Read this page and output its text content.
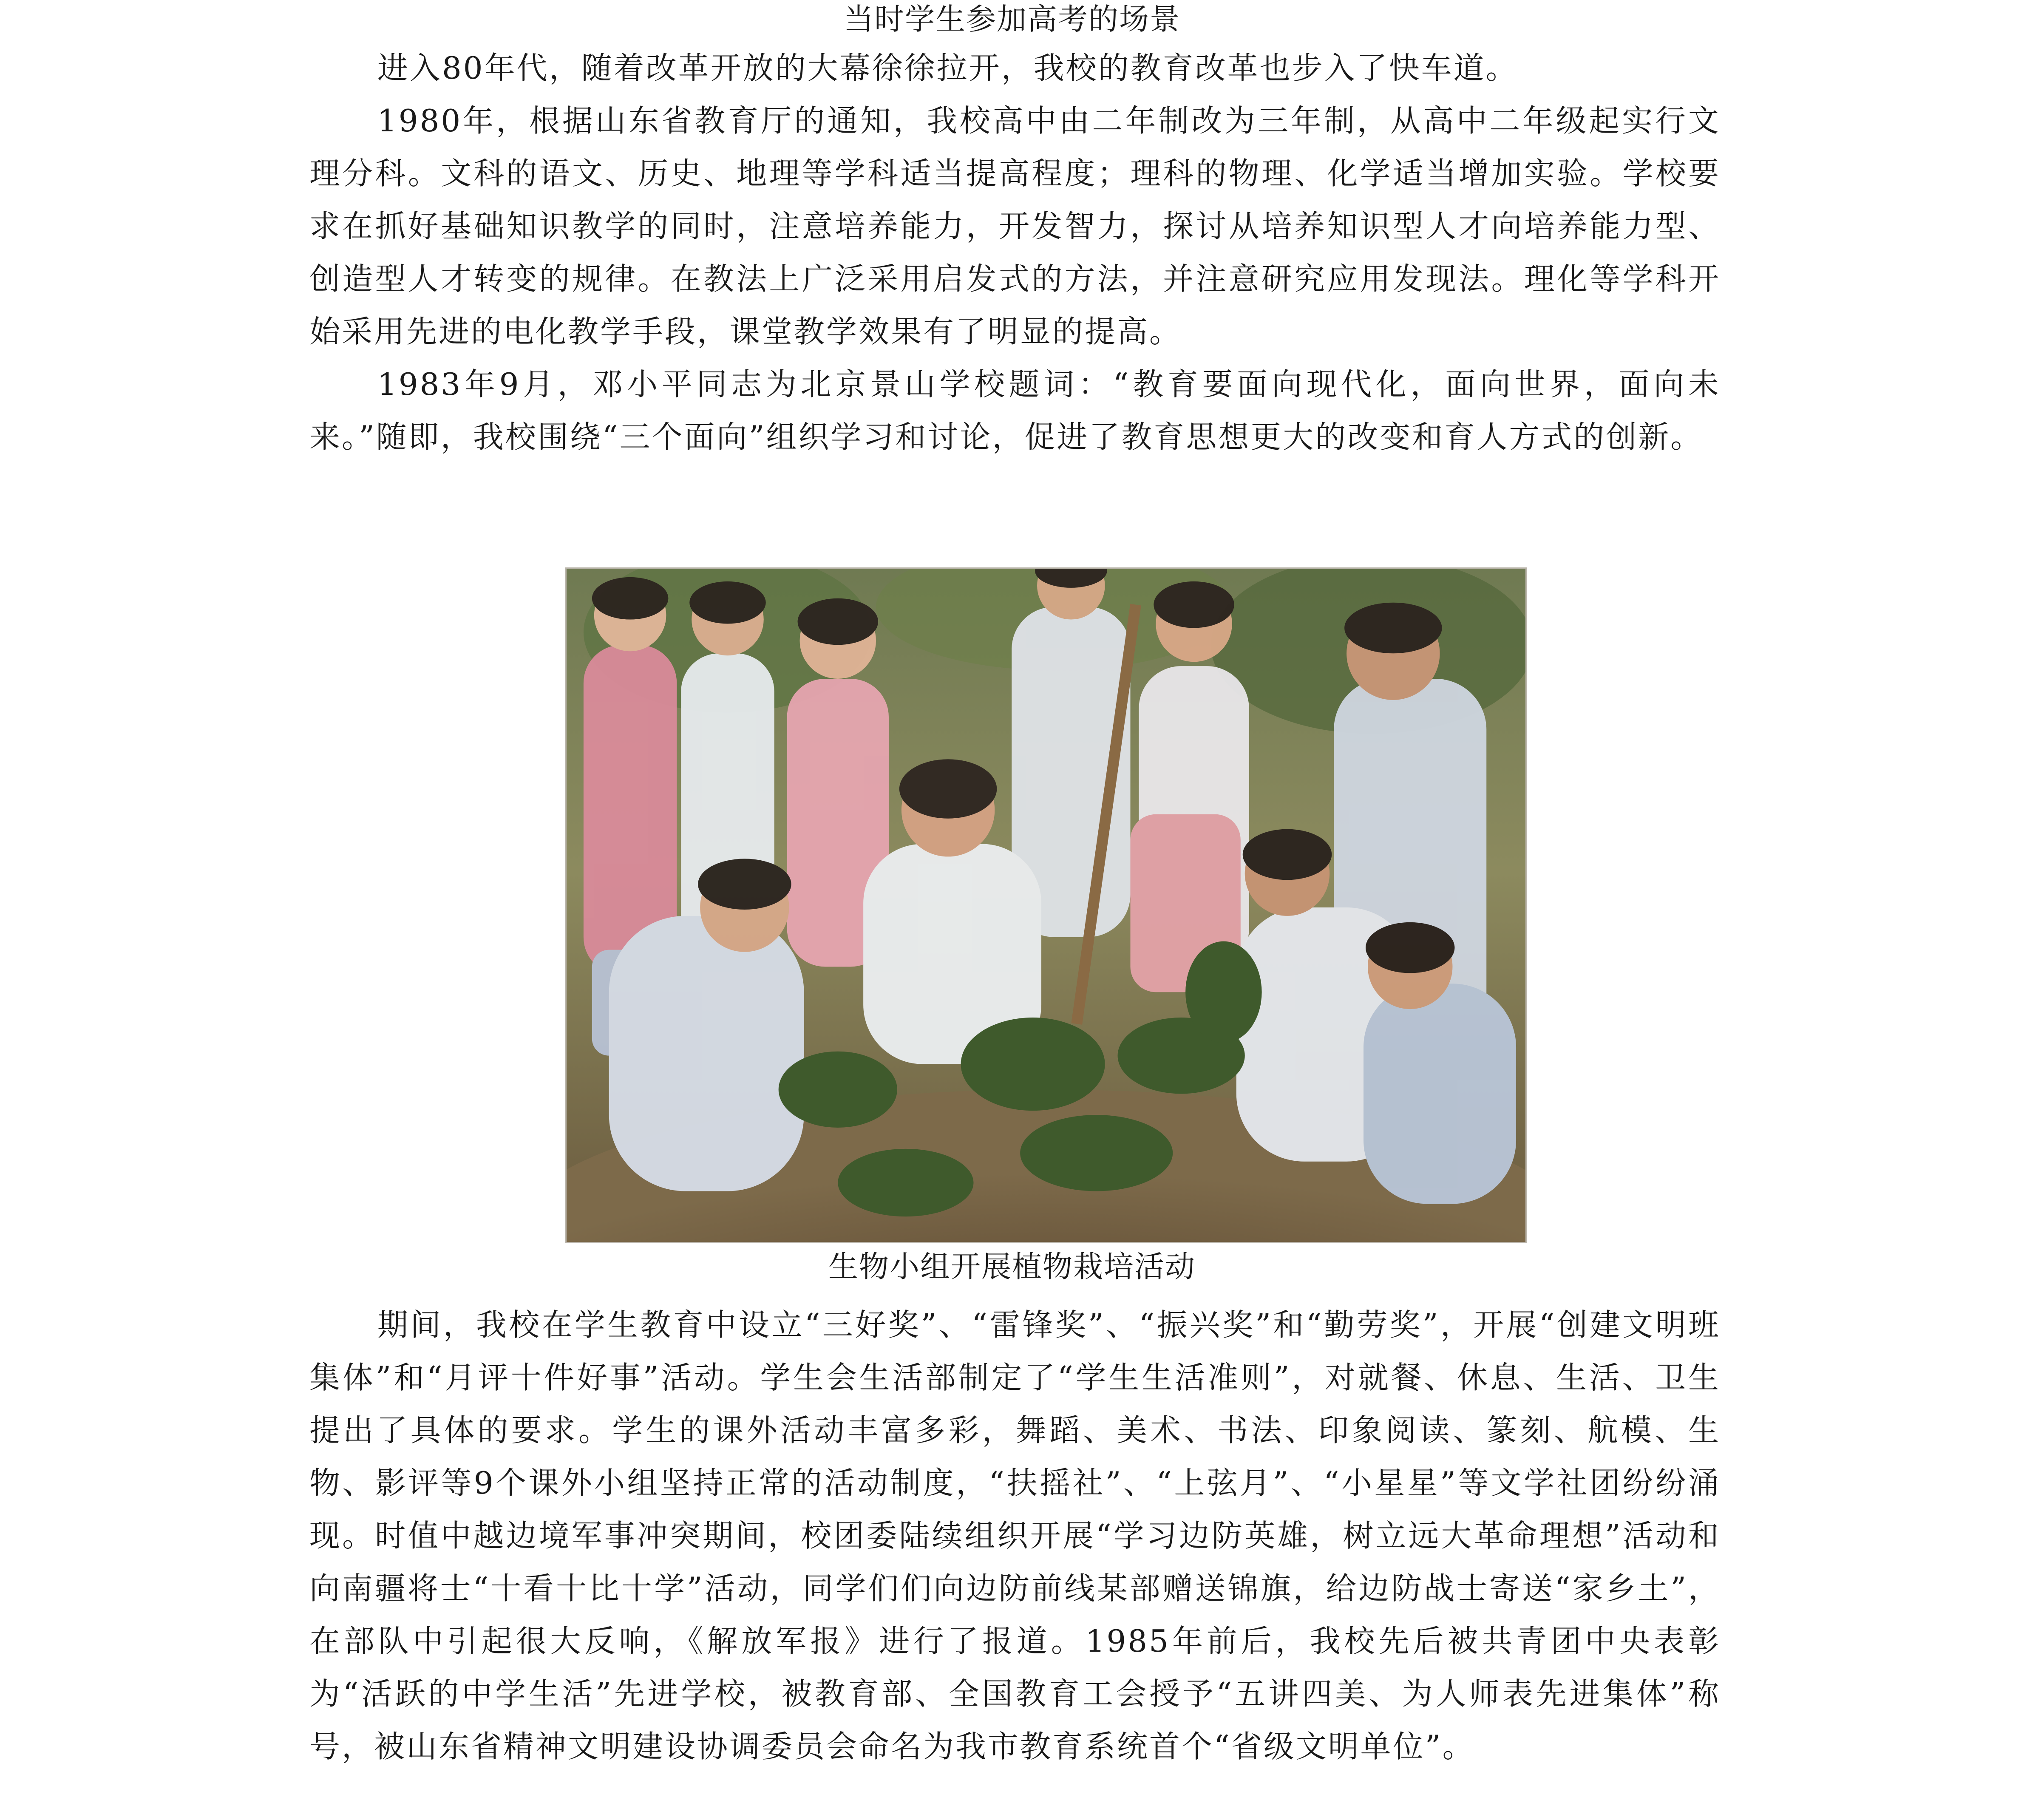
当时学生参加高考的场景

进入80年代，随着改革开放的大幕徐徐拉开，我校的教育改革也步入了快车道。

1980年，根据山东省教育厅的通知，我校高中由二年制改为三年制，从高中二年级起实行文理分科。文科的语文、历史、地理等学科适当提高程度；理科的物理、化学适当增加实验。学校要求在抓好基础知识教学的同时，注意培养能力，开发智力，探讨从培养知识型人才向培养能力型、创造型人才转变的规律。在教法上广泛采用启发式的方法，并注意研究应用发现法。理化等学科开始采用先进的电化教学手段，课堂教学效果有了明显的提高。

1983年9月，邓小平同志为北京景山学校题词：“教育要面向现代化，面向世界，面向未来。”随即，我校围绕“三个面向”组织学习和讨论，促进了教育思想更大的改变和育人方式的创新。

生物小组开展植物栽培活动

期间，我校在学生教育中设立“三好奖”、“雷锋奖”、“振兴奖”和“勤劳奖”，开展“创建文明班集体”和“月评十件好事”活动。学生会生活部制定了“学生生活准则”，对就餐、休息、生活、卫生提出了具体的要求。学生的课外活动丰富多彩，舞蹈、美术、书法、印象阅读、篆刻、航模、生物、影评等9个课外小组坚持正常的活动制度，“扶摇社”、“上弦月”、“小星星”等文学社团纷纷涌现。时值中越边境军事冲突期间，校团委陆续组织开展“学习边防英雄，树立远大革命理想”活动和向南疆将士“十看十比十学”活动，同学们们向边防前线某部赠送锦旗，给边防战士寄送“家乡土”，在部队中引起很大反响，《解放军报》进行了报道。1985年前后，我校先后被共青团中央表彰为“活跃的中学生活”先进学校，被教育部、全国教育工会授予“五讲四美、为人师表先进集体”称号，被山东省精神文明建设协调委员会命名为我市教育系统首个“省级文明单位”。
